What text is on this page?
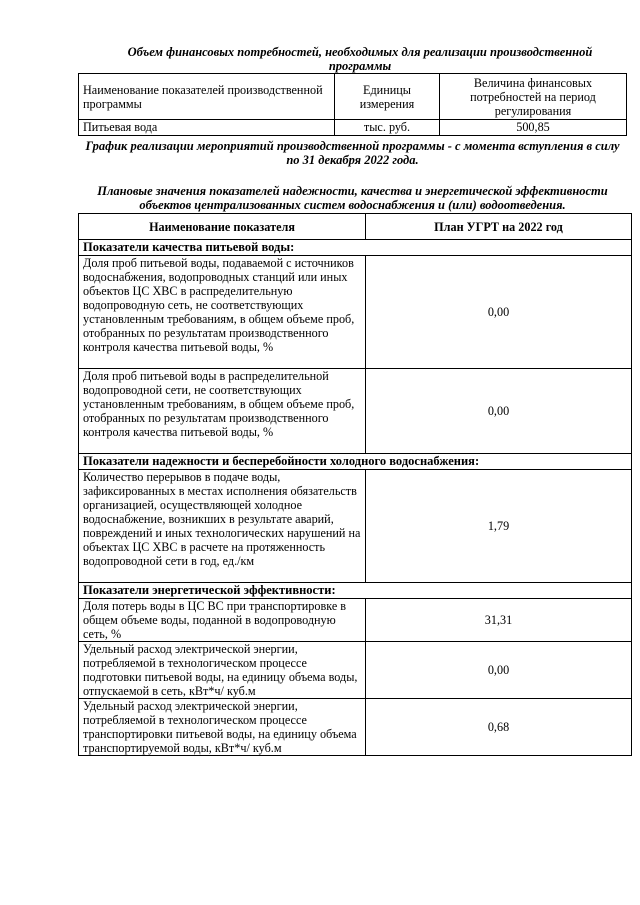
Объем финансовых потребностей, необходимых для реализации производственной программы
Наименование показателей производственной программы	Единицы измерения	Величина финансовых потребностей на период регулирования
Питьевая вода	тыс. руб.	500,85
График реализации мероприятий производственной программы - с момента вступления в силу по 31 декабря 2022 года.
Плановые значения показателей надежности, качества и энергетической эффективности объектов централизованных систем водоснабжения и (или) водоотведения.
Наименование показателя	План УГРТ на 2022 год
Показатели качества питьевой воды:	
Доля проб питьевой воды, подаваемой с источников водоснабжения, водопроводных станций или иных объектов ЦС ХВС в распределительную водопроводную сеть, не соответствующих установленным требованиям, в общем объеме проб, отобранных по результатам производственного контроля качества питьевой воды, %	0,00
Доля проб питьевой воды в распределительной водопроводной сети, не соответствующих установленным требованиям, в общем объеме проб, отобранных по результатам производственного контроля качества питьевой воды, %	0,00
Показатели надежности и бесперебойности холодного водоснабжения:	
Количество перерывов в подаче воды, зафиксированных в местах исполнения обязательств организацией, осуществляющей холодное водоснабжение, возникших в результате аварий, повреждений и иных технологических нарушений на объектах ЦС ХВС в расчете на протяженность водопроводной сети в год, ед./км	1,79
Показатели энергетической эффективности:	
Доля потерь воды в ЦС ВС при транспортировке в общем объеме воды, поданной в водопроводную сеть, %	31,31
Удельный расход электрической энергии, потребляемой в технологическом процессе подготовки питьевой воды, на единицу объема воды, отпускаемой в сеть, кВт*ч/ куб.м	0,00
Удельный расход электрической энергии, потребляемой в технологическом процессе транспортировки питьевой воды, на единицу объема транспортируемой воды, кВт*ч/ куб.м	0,68
